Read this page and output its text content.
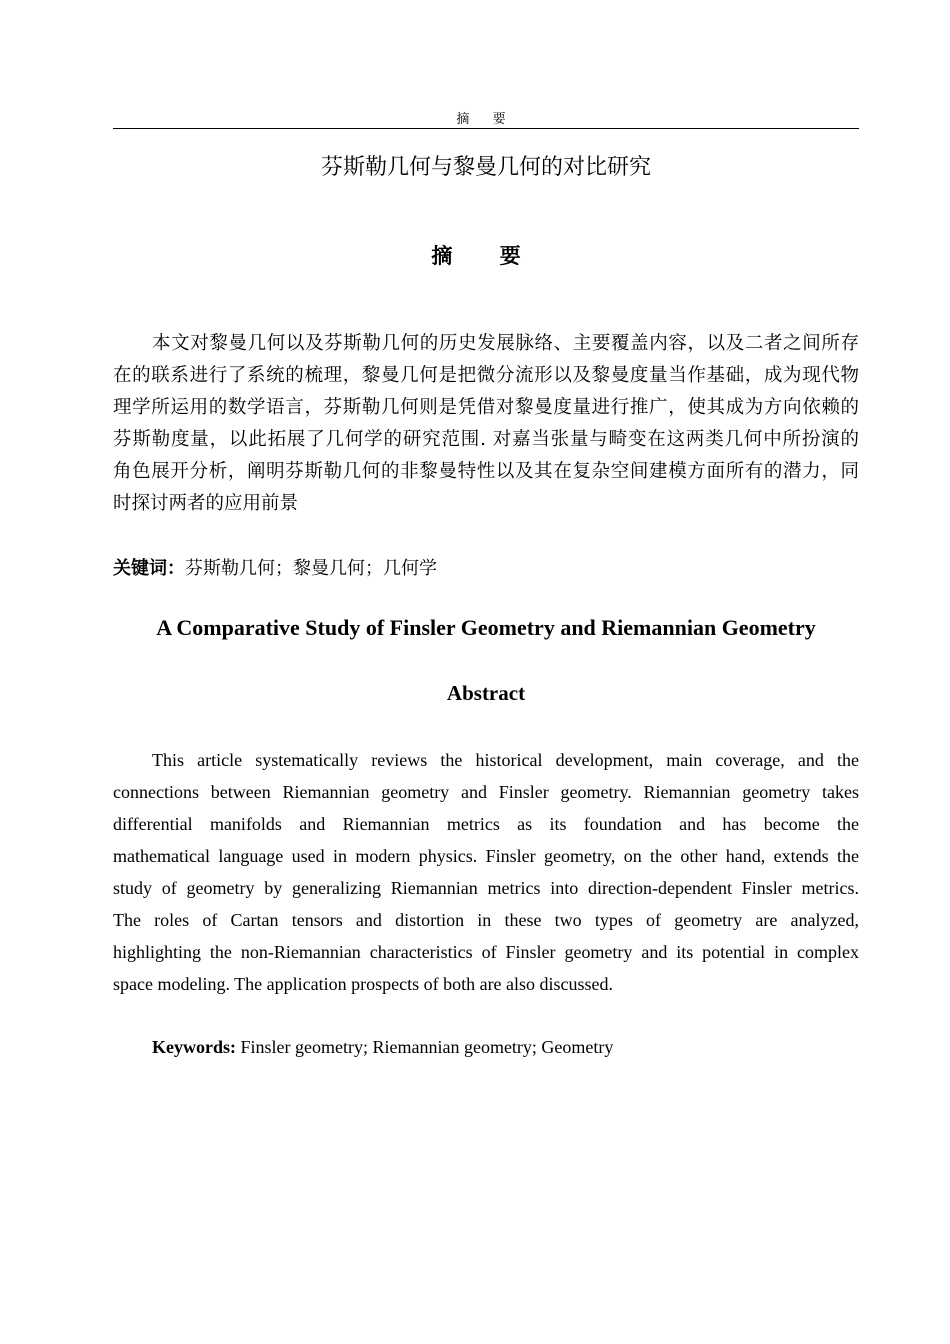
摘 要
芬斯勒几何与黎曼几何的对比研究
摘 要
本文对黎曼几何以及芬斯勒几何的历史发展脉络、主要覆盖内容，以及二者之间所存
在的联系进行了系统的梳理，黎曼几何是把微分流形以及黎曼度量当作基础，成为现代物
理学所运用的数学语言，芬斯勒几何则是凭借对黎曼度量进行推广，使其成为方向依赖的
芬斯勒度量，以此拓展了几何学的研究范围. 对嘉当张量与畸变在这两类几何中所扮演的
角色展开分析，阐明芬斯勒几何的非黎曼特性以及其在复杂空间建模方面所有的潜力，同
时探讨两者的应用前景
关键词：芬斯勒几何；黎曼几何；几何学
A Comparative Study of Finsler Geometry and Riemannian Geometry
Abstract
This article systematically reviews the historical development, main coverage, and the
connections between Riemannian geometry and Finsler geometry. Riemannian geometry takes
differential manifolds and Riemannian metrics as its foundation and has become the
mathematical language used in modern physics. Finsler geometry, on the other hand, extends the
study of geometry by generalizing Riemannian metrics into direction-dependent Finsler metrics.
The roles of Cartan tensors and distortion in these two types of geometry are analyzed,
highlighting the non-Riemannian characteristics of Finsler geometry and its potential in complex
space modeling. The application prospects of both are also discussed.
Keywords: Finsler geometry; Riemannian geometry; Geometry
